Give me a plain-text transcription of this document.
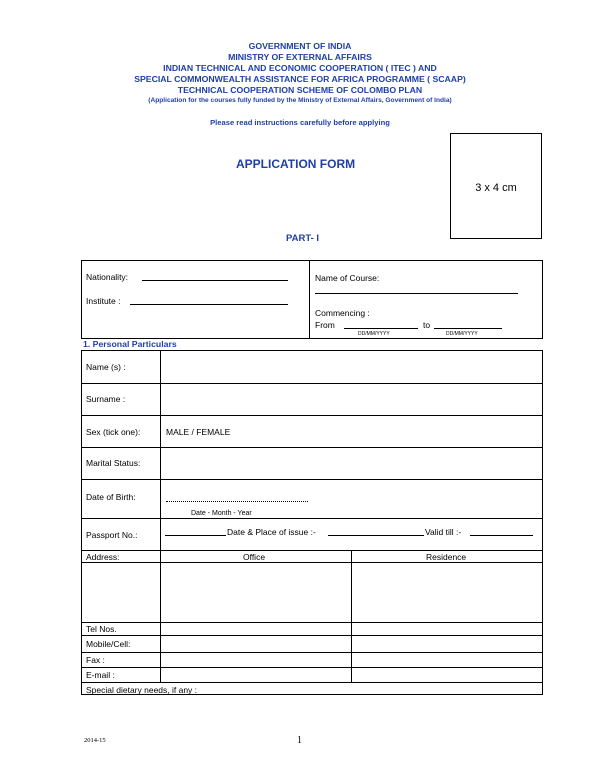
GOVERNMENT OF INDIA
MINISTRY OF EXTERNAL AFFAIRS
INDIAN TECHNICAL AND ECONOMIC COOPERATION ( ITEC ) AND
SPECIAL COMMONWEALTH ASSISTANCE FOR AFRICA PROGRAMME ( SCAAP)
TECHNICAL COOPERATION SCHEME OF COLOMBO PLAN
(Application for the courses fully funded by the Ministry of External Affairs, Government of India)
Please read instructions carefully before applying
APPLICATION FORM
3 x 4 cm
PART- I
Nationality:
Institute :
Name of Course:
Commencing :
From
DD/MM/YYYY
to
DD/MM/YYYY
1. Personal Particulars
Name (s) :
Surname :
Sex (tick one):	MALE / FEMALE
Marital Status:
Date of Birth:
Date - Month - Year
Passport No.:	Date & Place of issue :-	Valid till :-
Address:	Office	Residence
Tel Nos.
Mobile/Cell:
Fax :
E-mail :
Special dietary needs, if any :
2014-15	1
